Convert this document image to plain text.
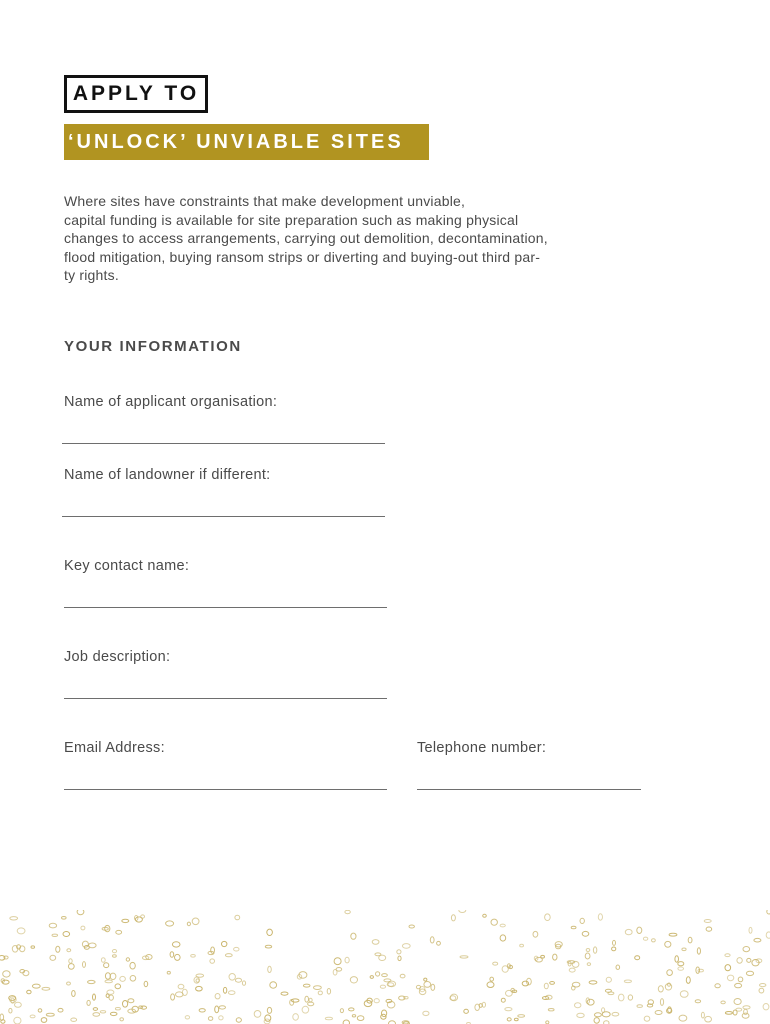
APPLY TO
‘UNLOCK’ UNVIABLE SITES

Where sites have constraints that make development unviable,

capital funding is available for site preparation such as making physical

changes to access arrangements, carrying out demolition, decontamination,

flood mitigation, buying ransom strips or diverting and buying-out third par-

ty rights.

YOUR INFORMATION
Name of applicant organisation:
Name of landowner if different:
Key contact name:
Job description:
Email Address:	Telephone number:
